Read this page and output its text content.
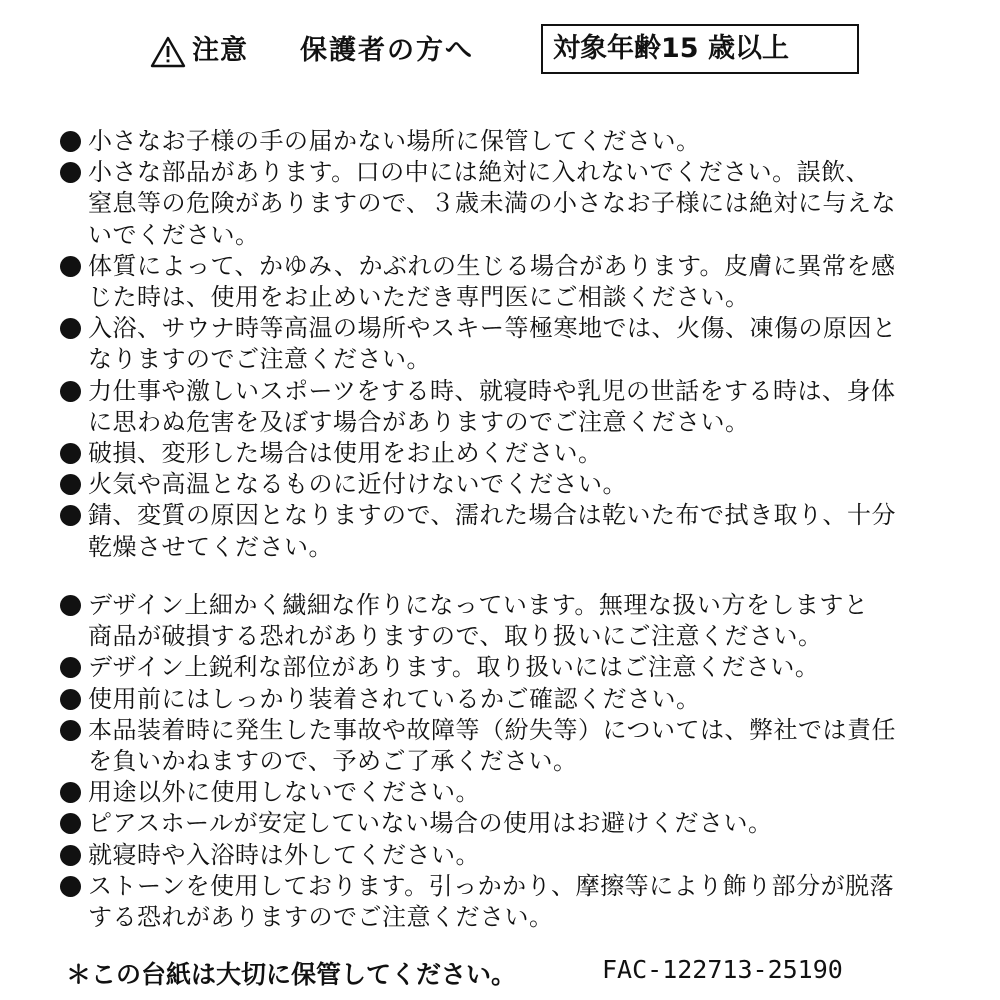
注意 保護者の方へ	対象年齢15 歳以上
小さなお子様の手の届かない場所に保管してください。
小さな部品があります。口の中には絶対に入れないでください。誤飲、
窒息等の危険がありますので、３歳未満の小さなお子様には絶対に与えな
いでください。
体質によって、かゆみ、かぶれの生じる場合があります。皮膚に異常を感
じた時は、使用をお止めいただき専門医にご相談ください。
入浴、サウナ時等高温の場所やスキー等極寒地では、火傷、凍傷の原因と
なりますのでご注意ください。
力仕事や激しいスポーツをする時、就寝時や乳児の世話をする時は、身体
に思わぬ危害を及ぼす場合がありますのでご注意ください。
破損、変形した場合は使用をお止めください。
火気や高温となるものに近付けないでください。
錆、変質の原因となりますので、濡れた場合は乾いた布で拭き取り、十分
乾燥させてください。
デザイン上細かく繊細な作りになっています。無理な扱い方をしますと
商品が破損する恐れがありますので、取り扱いにご注意ください。
デザイン上鋭利な部位があります。取り扱いにはご注意ください。
使用前にはしっかり装着されているかご確認ください。
本品装着時に発生した事故や故障等（紛失等）については、弊社では責任
を負いかねますので、予めご了承ください。
用途以外に使用しないでください。
ピアスホールが安定していない場合の使用はお避けください。
就寝時や入浴時は外してください。
ストーンを使用しております。引っかかり、摩擦等により飾り部分が脱落
する恐れがありますのでご注意ください。
＊この台紙は大切に保管してください。	FAC-122713-25190
